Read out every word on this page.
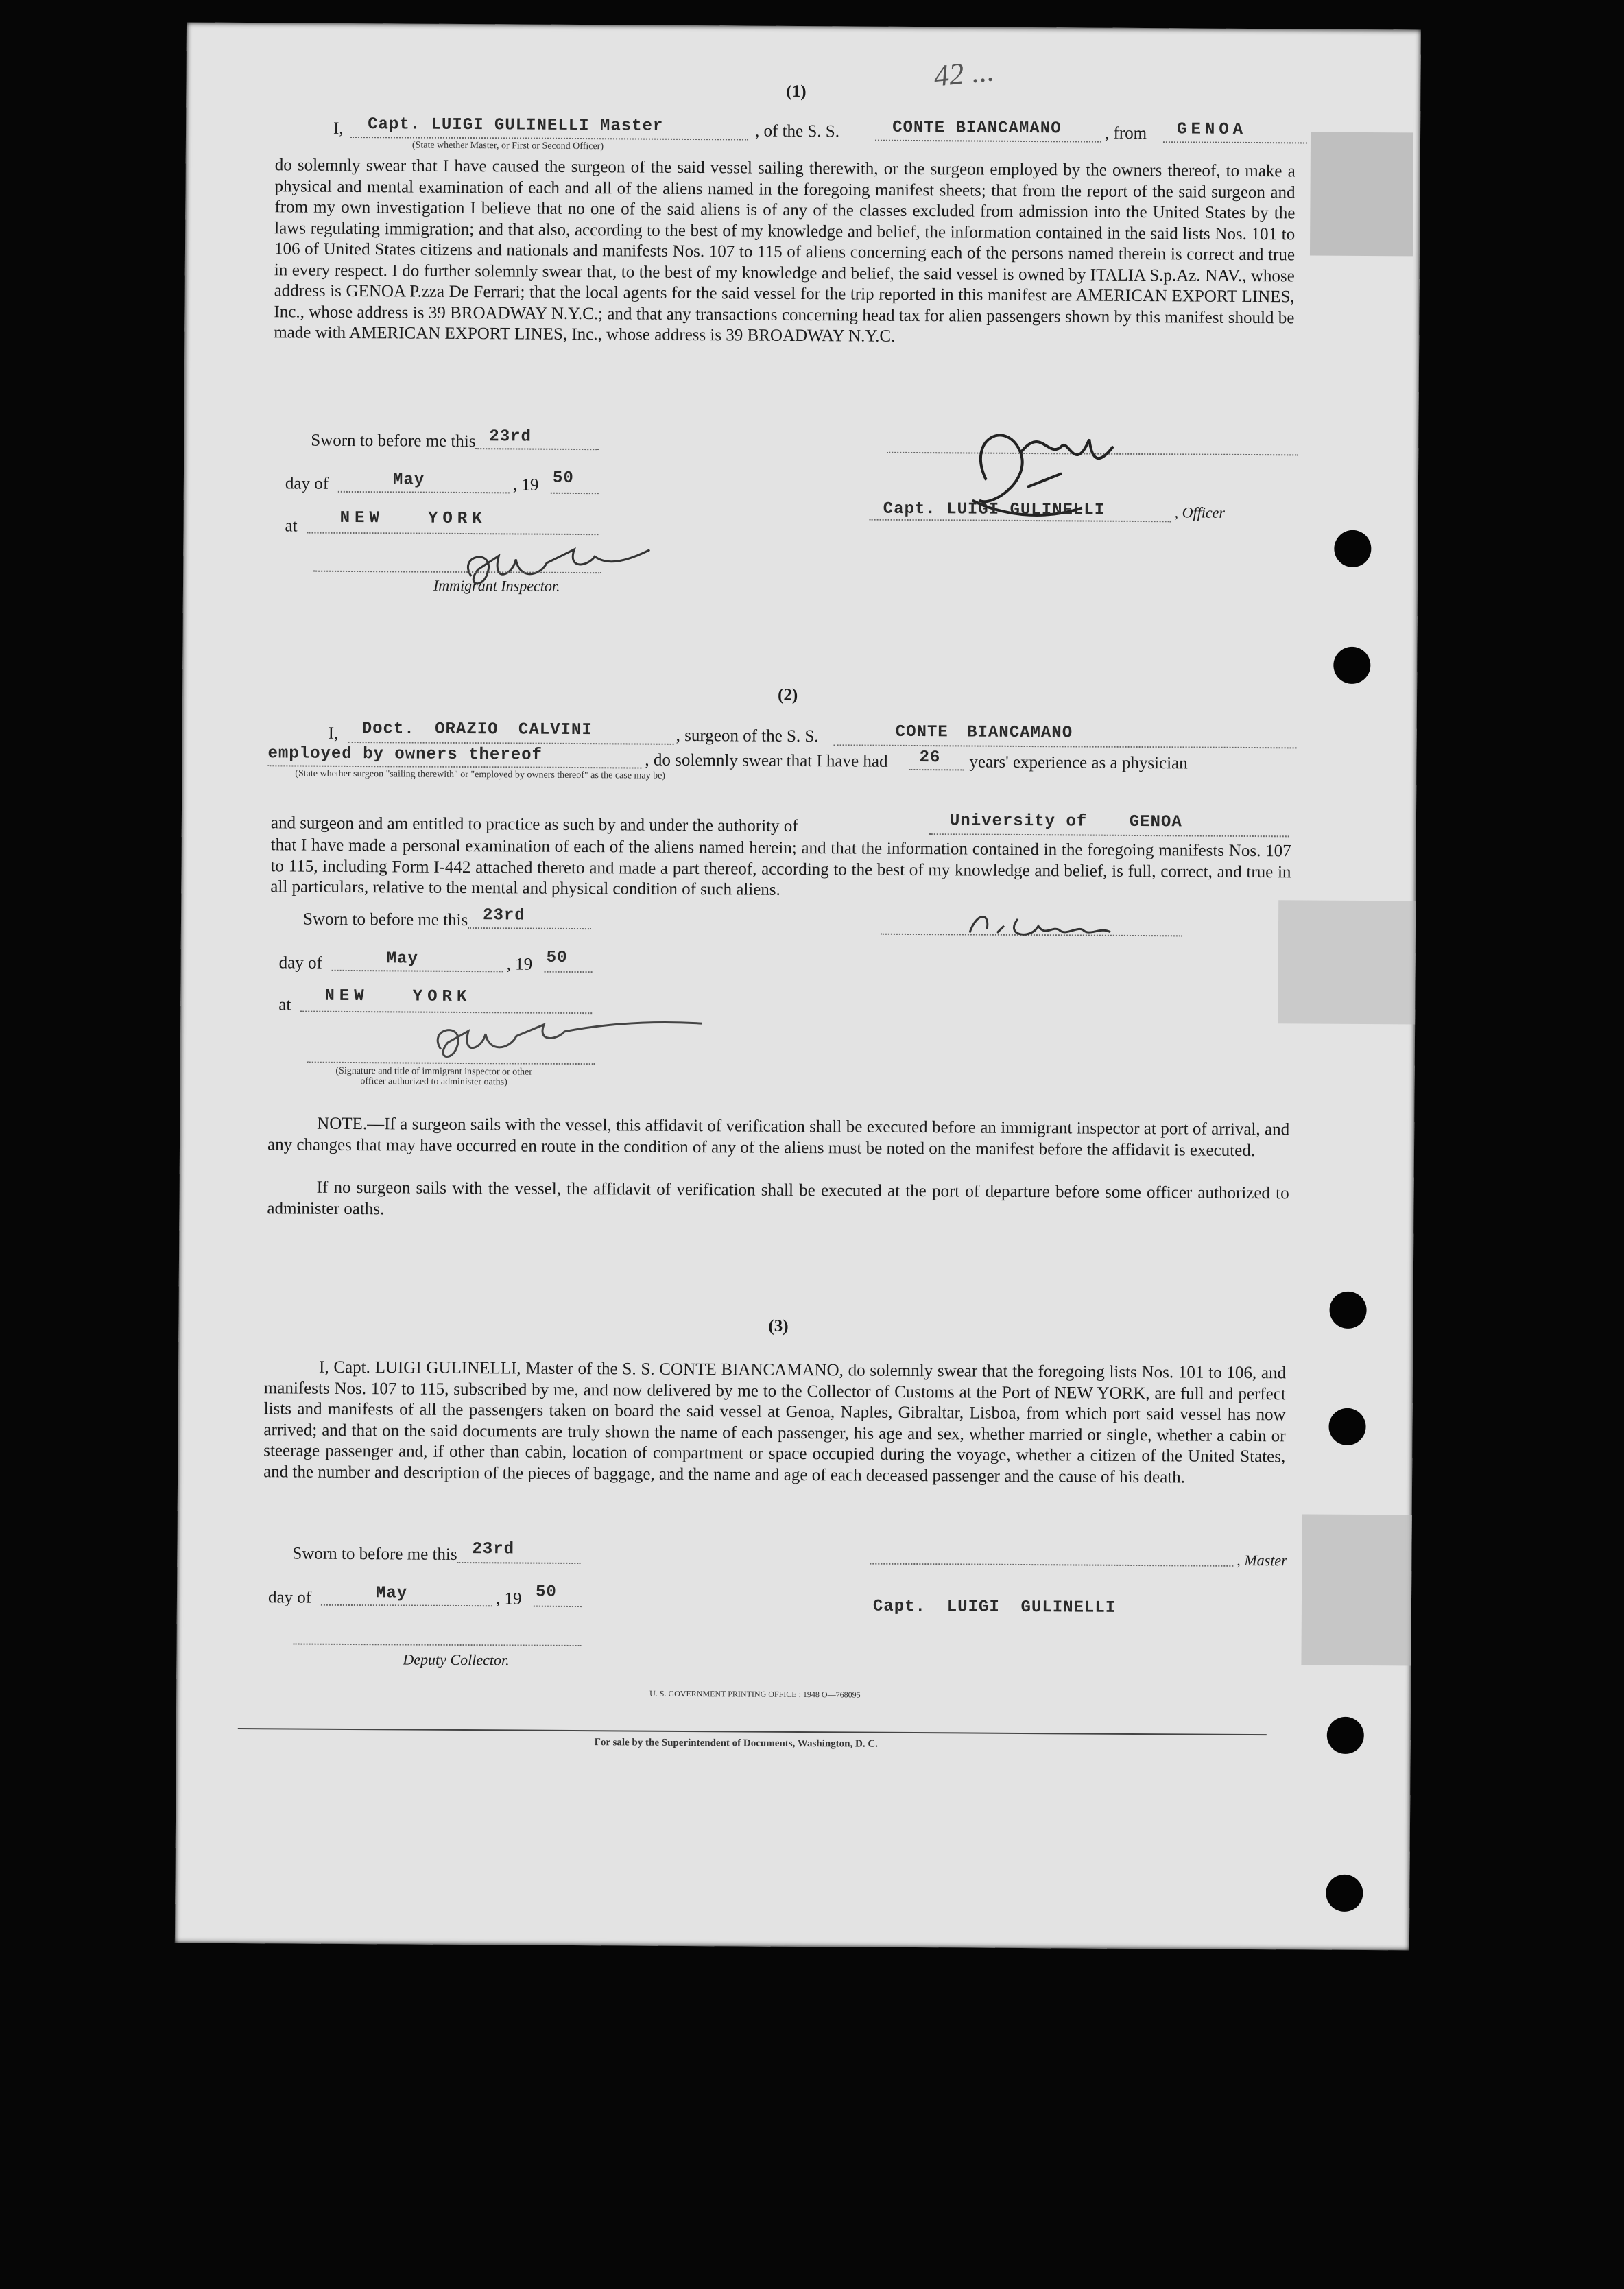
42 ...
(1)
I, Capt. LUIGI GULINELLI Master
(State whether Master, or First or Second Officer)
, of the S. S.	CONTE BIANCAMANO	, from GENOA
do solemnly swear that I have caused the surgeon of the said vessel sailing therewith, or the surgeon employed by the owners thereof, to make a physical and mental examination of each and all of the aliens named in the foregoing manifest sheets; that from the report of the said surgeon and from my own investigation I believe that no one of the said aliens is of any of the classes excluded from admission into the United States by the laws regulating immigration; and that also, according to the best of my knowledge and belief, the information contained in the said lists Nos. 101 to 106 of United States citizens and nationals and manifests Nos. 107 to 115 of aliens concerning each of the persons named therein is correct and true in every respect. I do further solemnly swear that, to the best of my knowledge and belief, the said vessel is owned by ITALIA S.p.Az. NAV., whose address is GENOA P.zza De Ferrari; that the local agents for the said vessel for the trip reported in this manifest are AMERICAN EXPORT LINES, Inc., whose address is 39 BROADWAY N.Y.C.; and that any transactions concerning head tax for alien passengers shown by this manifest should be made with AMERICAN EXPORT LINES, Inc., whose address is 39 BROADWAY N.Y.C.
Sworn to before me this 23rd
day of	May	, 19 50
at	NEW   YORK
Immigrant Inspector.
Capt. LUIGI GULINELLI	, Officer
(2)
I, Doct. ORAZIO CALVINI	, surgeon of the S. S.	CONTE BIANCAMANO
employed by owners thereof	, do solemnly swear that I have had 26 years' experience as a physician
(State whether surgeon "sailing therewith" or "employed by owners thereof" as the case may be)
and surgeon and am entitled to practice as such by and under the authority of	University of    GENOA
that I have made a personal examination of each of the aliens named herein; and that the information contained in the foregoing manifests Nos. 107 to 115, including Form I-442 attached thereto and made a part thereof, according to the best of my knowledge and belief, is full, correct, and true in all particulars, relative to the mental and physical condition of such aliens.
Sworn to before me this 23rd
day of	May	, 19 50
at NEW   YORK
(Signature and title of immigrant inspector or other officer authorized to administer oaths)
NOTE.—If a surgeon sails with the vessel, this affidavit of verification shall be executed before an immigrant inspector at port of arrival, and any changes that may have occurred en route in the condition of any of the aliens must be noted on the manifest before the affidavit is executed.
If no surgeon sails with the vessel, the affidavit of verification shall be executed at the port of departure before some officer authorized to administer oaths.
(3)
I, Capt. LUIGI GULINELLI, Master of the S. S. CONTE BIANCAMANO, do solemnly swear that the foregoing lists Nos. 101 to 106, and manifests Nos. 107 to 115, subscribed by me, and now delivered by me to the Collector of Customs at the Port of NEW YORK, are full and perfect lists and manifests of all the passengers taken on board the said vessel at Genoa, Naples, Gibraltar, Lisboa, from which port said vessel has now arrived; and that on the said documents are truly shown the name of each passenger, his age and sex, whether married or single, whether a cabin or steerage passenger and, if other than cabin, location of compartment or space occupied during the voyage, whether a citizen of the United States, and the number and description of the pieces of baggage, and the name and age of each deceased passenger and the cause of his death.
Sworn to before me this 23rd
day of	May	, 19 50
Deputy Collector.
, Master
Capt.  LUIGI  GULINELLI
U. S. GOVERNMENT PRINTING OFFICE : 1948 O—768095
For sale by the Superintendent of Documents, Washington, D. C.
